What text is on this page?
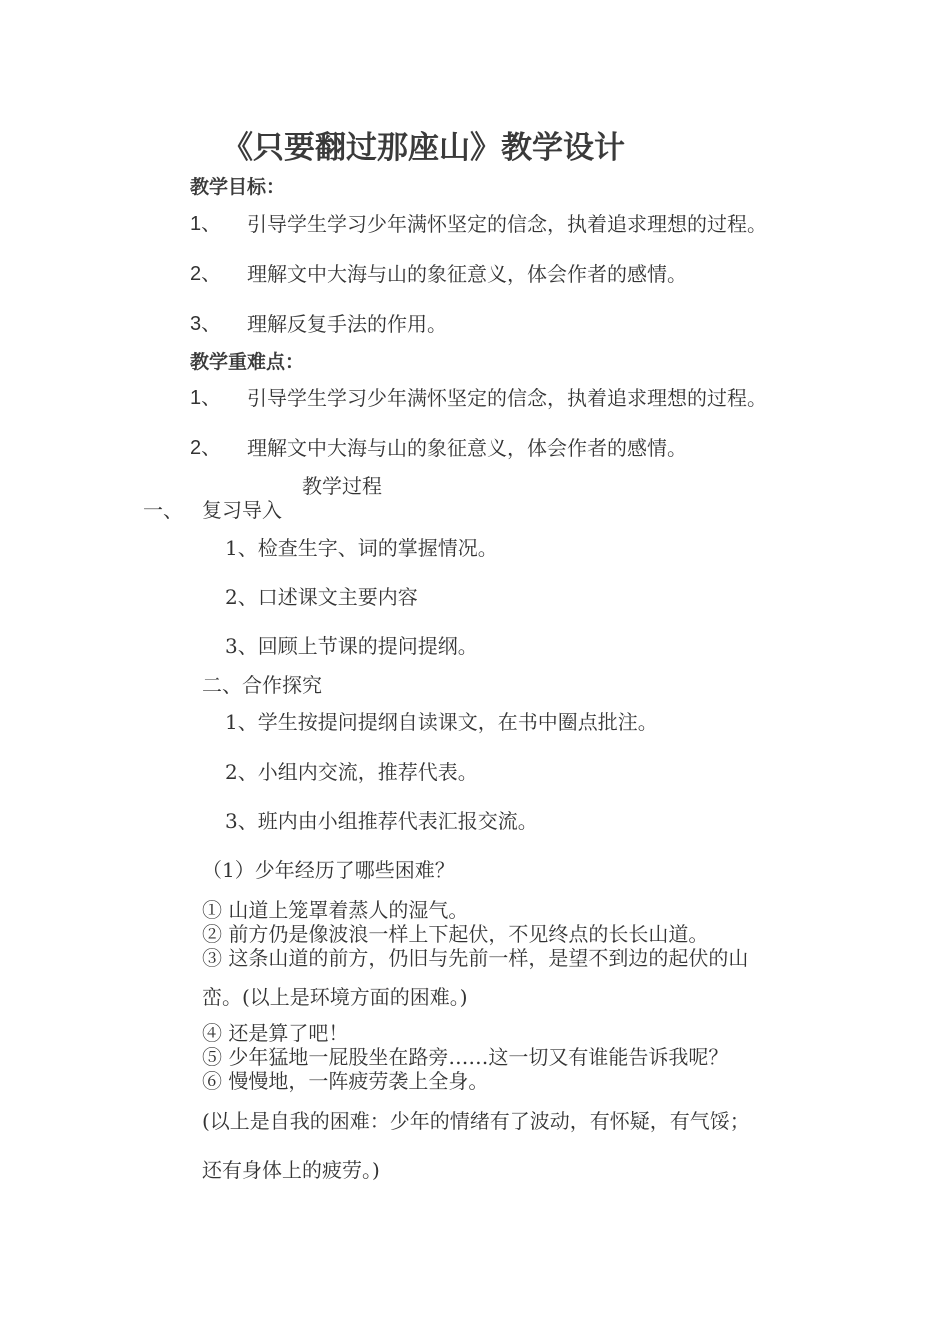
《只要翻过那座山》教学设计
教学目标：
1、 引导学生学习少年满怀坚定的信念，执着追求理想的过程。
2、 理解文中大海与山的象征意义，体会作者的感情。
3、 理解反复手法的作用。
教学重难点：
1、 引导学生学习少年满怀坚定的信念，执着追求理想的过程。
2、 理解文中大海与山的象征意义，体会作者的感情。
教学过程
一、 复习导入
1、检查生字、词的掌握情况。
2、口述课文主要内容
3、回顾上节课的提问提纲。
二、合作探究
1、学生按提问提纲自读课文，在书中圈点批注。
2、小组内交流，推荐代表。
3、班内由小组推荐代表汇报交流。
（1）少年经历了哪些困难？
① 山道上笼罩着蒸人的湿气。
② 前方仍是像波浪一样上下起伏，不见终点的长长山道。
③ 这条山道的前方，仍旧与先前一样，是望不到边的起伏的山
峦。(以上是环境方面的困难。)
④ 还是算了吧！
⑤ 少年猛地一屁股坐在路旁……这一切又有谁能告诉我呢？
⑥ 慢慢地，一阵疲劳袭上全身。
(以上是自我的困难：少年的情绪有了波动，有怀疑，有气馁；
还有身体上的疲劳。)
